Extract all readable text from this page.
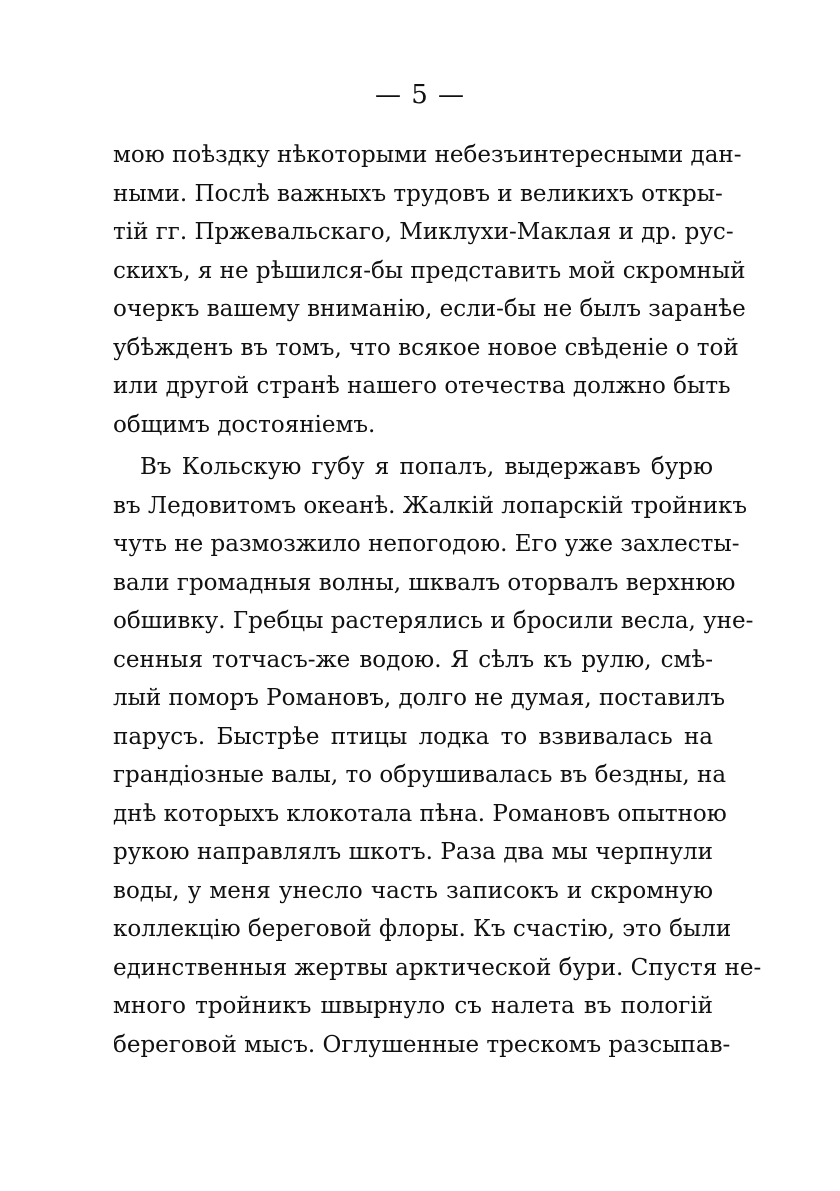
— 5 —
мою поѣздку нѣкоторыми небезъинтересными дан-
ными. Послѣ важныхъ трудовъ и великихъ откры-
тій гг. Пржевальскаго, Миклухи-Маклая и др. рус-
скихъ, я не рѣшился-бы представить мой скромный
очеркъ вашему вниманію, если-бы не былъ заранѣе
убѣжденъ въ томъ, что всякое новое свѣденіе о той
или другой странѣ нашего отечества должно быть
общимъ достояніемъ.
Въ Кольскую губу я попалъ, выдержавъ бурю
въ Ледовитомъ океанѣ. Жалкій лопарскій тройникъ
чуть не размозжило непогодою. Его уже захлесты-
вали громадныя волны, шквалъ оторвалъ верхнюю
обшивку. Гребцы растерялись и бросили весла, уне-
сенныя тотчасъ-же водою. Я сѣлъ къ рулю, смѣ-
лый поморъ Романовъ, долго не думая, поставилъ
парусъ. Быстрѣе птицы лодка то взвивалась на
грандіозные валы, то обрушивалась въ бездны, на
днѣ которыхъ клокотала пѣна. Романовъ опытною
рукою направлялъ шкотъ. Раза два мы черпнули
воды, у меня унесло часть записокъ и скромную
коллекцію береговой флоры. Къ счастію, это были
единственныя жертвы арктической бури. Спустя не-
много тройникъ швырнуло съ налета въ пологій
береговой мысъ. Оглушенные трескомъ разсыпав-
